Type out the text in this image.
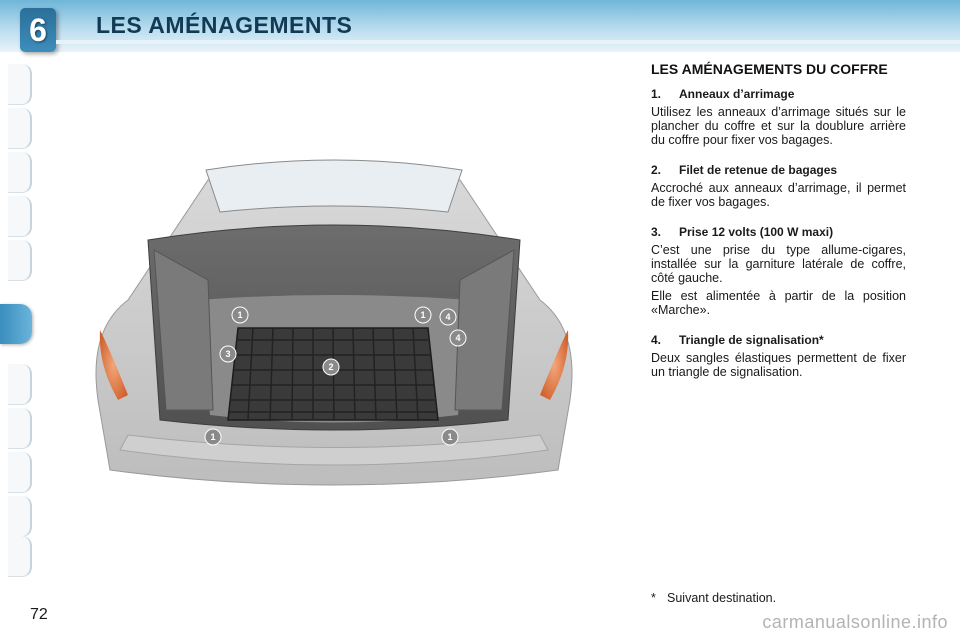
6 LES AMÉNAGEMENTS
1	1
1	1
2
3
4
4
LES AMÉNAGEMENTS DU COFFRE

1. Anneaux d’arrimage

Utilisez les anneaux d’arrimage situés sur le plancher du coffre et sur la doublure arrière du coffre pour fixer vos bagages.

2. Filet de retenue de bagages

Accroché aux anneaux d’arrimage, il permet de fixer vos bagages.

3. Prise 12 volts (100 W maxi)

C’est une prise du type allume-cigares, installée sur la garniture latérale de coffre, côté gauche.

Elle est alimentée à partir de la position «Marche».

4. Triangle de signalisation*

Deux sangles élastiques permettent de fixer un triangle de signalisation.

* Suivant destination.
72	carmanualsonline.info
